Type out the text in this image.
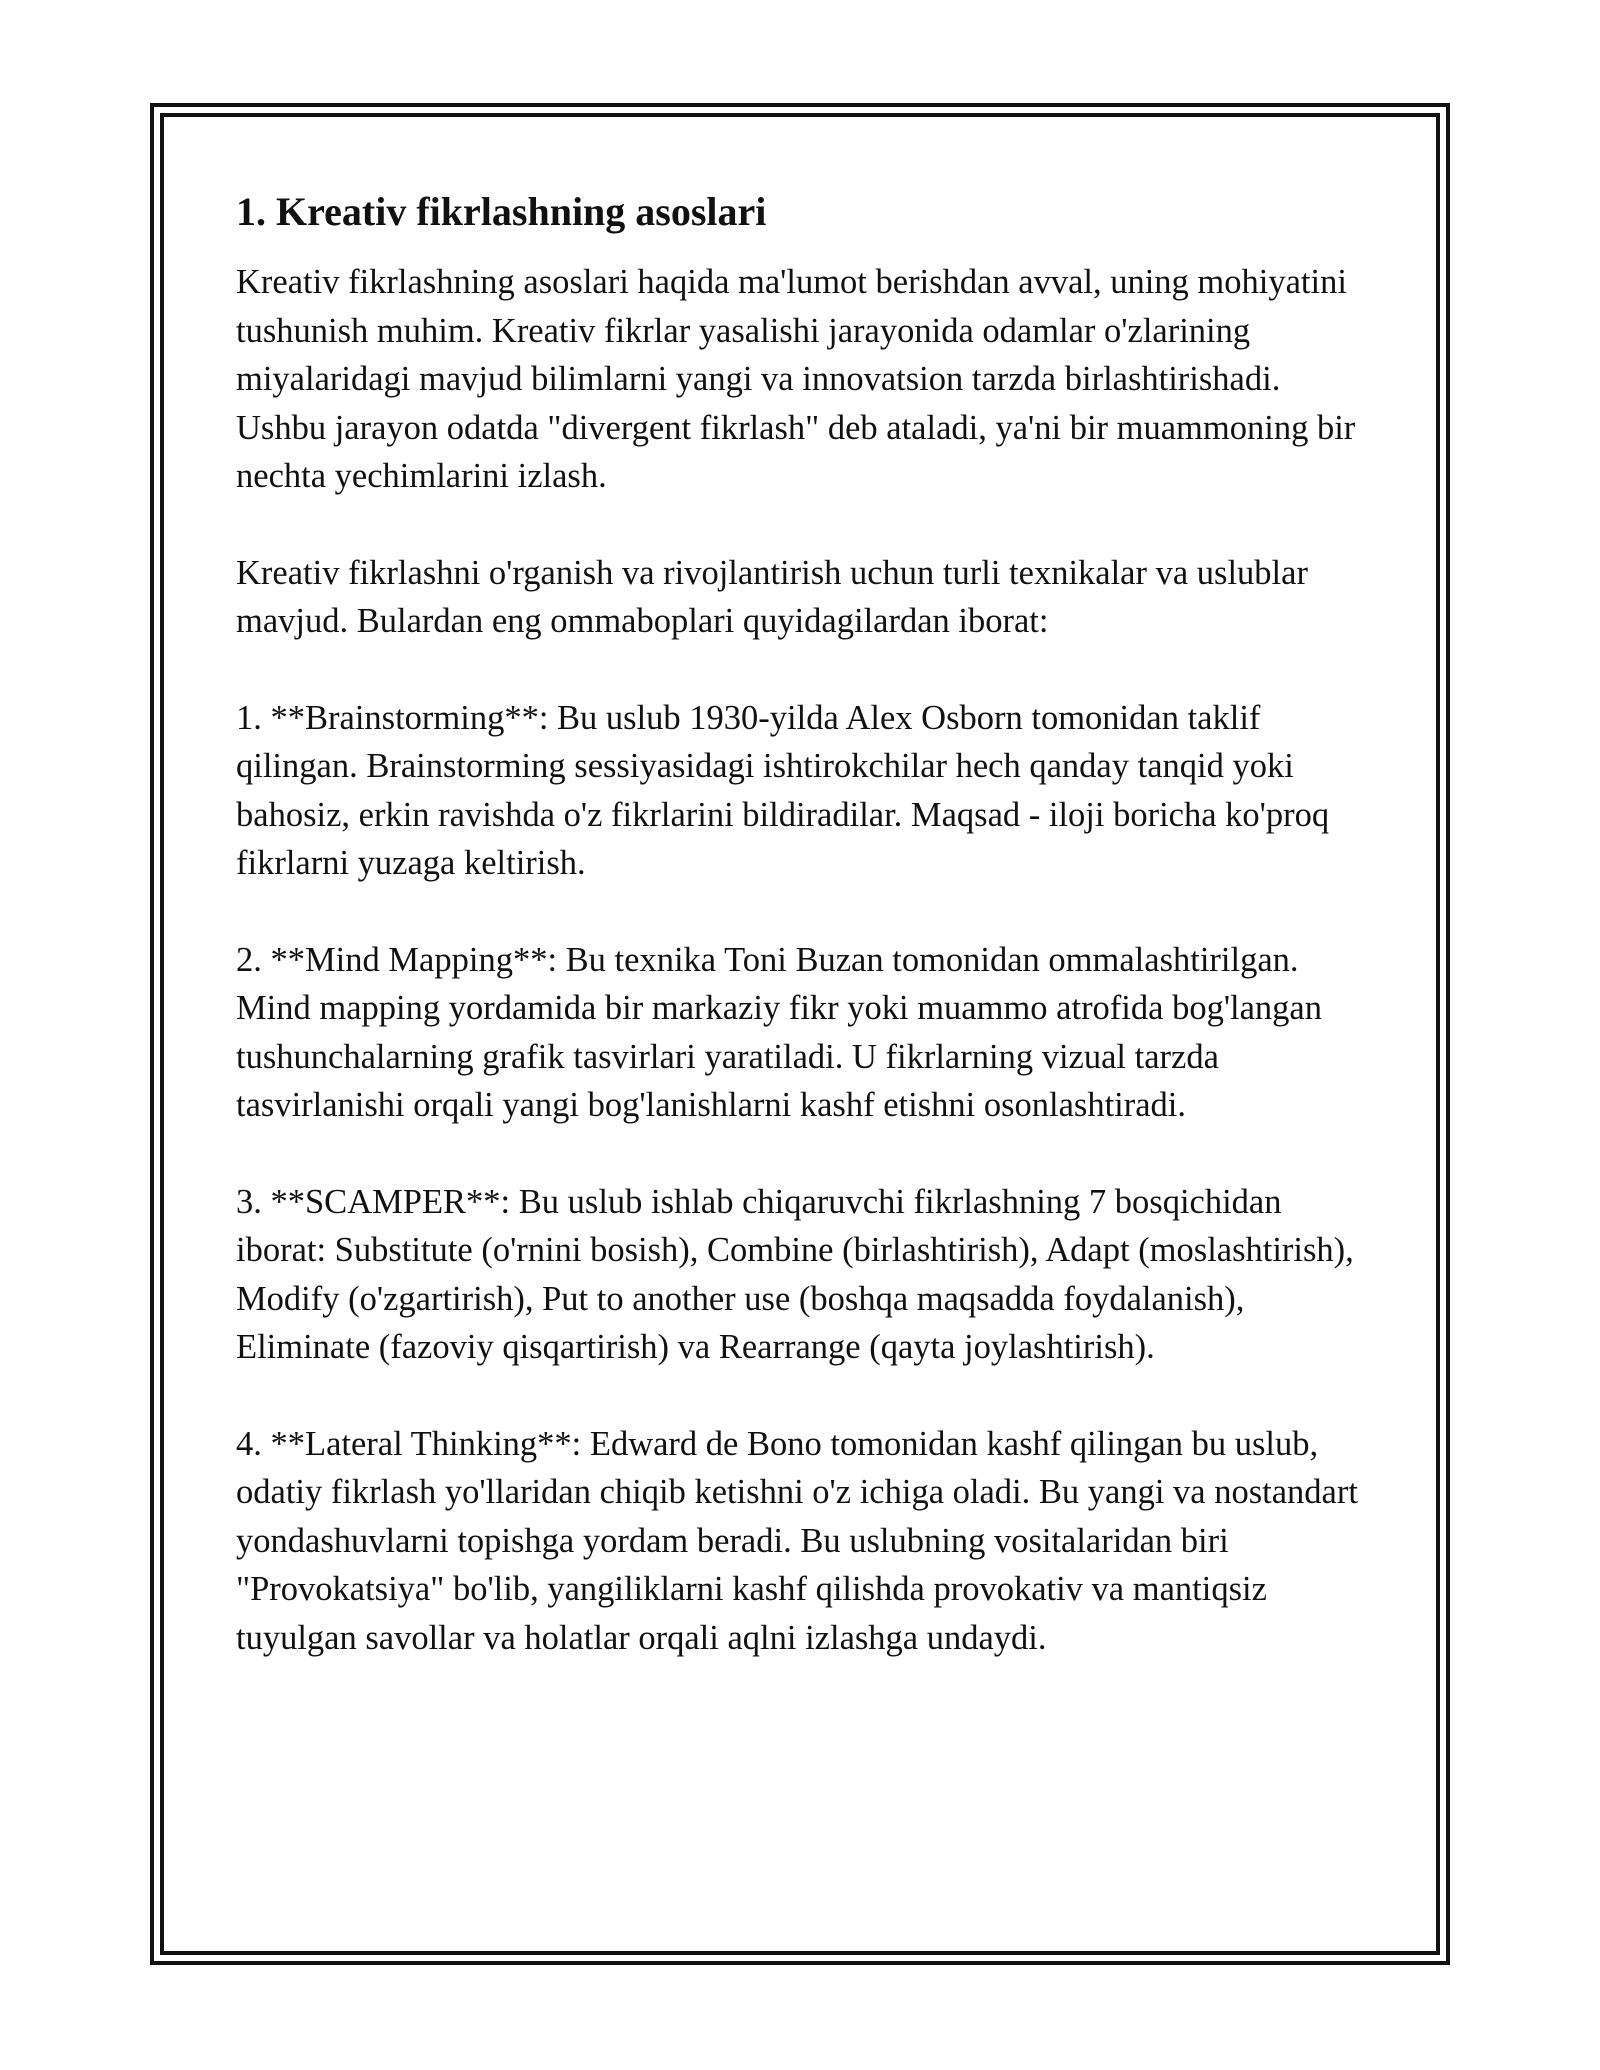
1. Kreativ fikrlashning asoslari

Kreativ fikrlashning asoslari haqida ma'lumot berishdan avval, uning mohiyatini tushunish muhim. Kreativ fikrlar yasalishi jarayonida odamlar o'zlarining miyalaridagi mavjud bilimlarni yangi va innovatsion tarzda birlashtirishadi. Ushbu jarayon odatda "divergent fikrlash" deb ataladi, ya'ni bir muammoning bir nechta yechimlarini izlash.

Kreativ fikrlashni o'rganish va rivojlantirish uchun turli texnikalar va uslublar mavjud. Bulardan eng ommaboplari quyidagilardan iborat:

1. **Brainstorming**: Bu uslub 1930-yilda Alex Osborn tomonidan taklif qilingan. Brainstorming sessiyasidagi ishtirokchilar hech qanday tanqid yoki bahosiz, erkin ravishda o'z fikrlarini bildiradilar. Maqsad - iloji boricha ko'proq fikrlarni yuzaga keltirish.

2. **Mind Mapping**: Bu texnika Toni Buzan tomonidan ommalashtirilgan. Mind mapping yordamida bir markaziy fikr yoki muammo atrofida bog'langan tushunchalarning grafik tasvirlari yaratiladi. U fikrlarning vizual tarzda tasvirlanishi orqali yangi bog'lanishlarni kashf etishni osonlashtiradi.

3. **SCAMPER**: Bu uslub ishlab chiqaruvchi fikrlashning 7 bosqichidan iborat: Substitute (o'rnini bosish), Combine (birlashtirish), Adapt (moslashtirish), Modify (o'zgartirish), Put to another use (boshqa maqsadda foydalanish), Eliminate (fazoviy qisqartirish) va Rearrange (qayta joylashtirish).

4. **Lateral Thinking**: Edward de Bono tomonidan kashf qilingan bu uslub, odatiy fikrlash yo'llaridan chiqib ketishni o'z ichiga oladi. Bu yangi va nostandart yondashuvlarni topishga yordam beradi. Bu uslubning vositalaridan biri "Provokatsiya" bo'lib, yangiliklarni kashf qilishda provokativ va mantiqsiz tuyulgan savollar va holatlar orqali aqlni izlashga undaydi.
